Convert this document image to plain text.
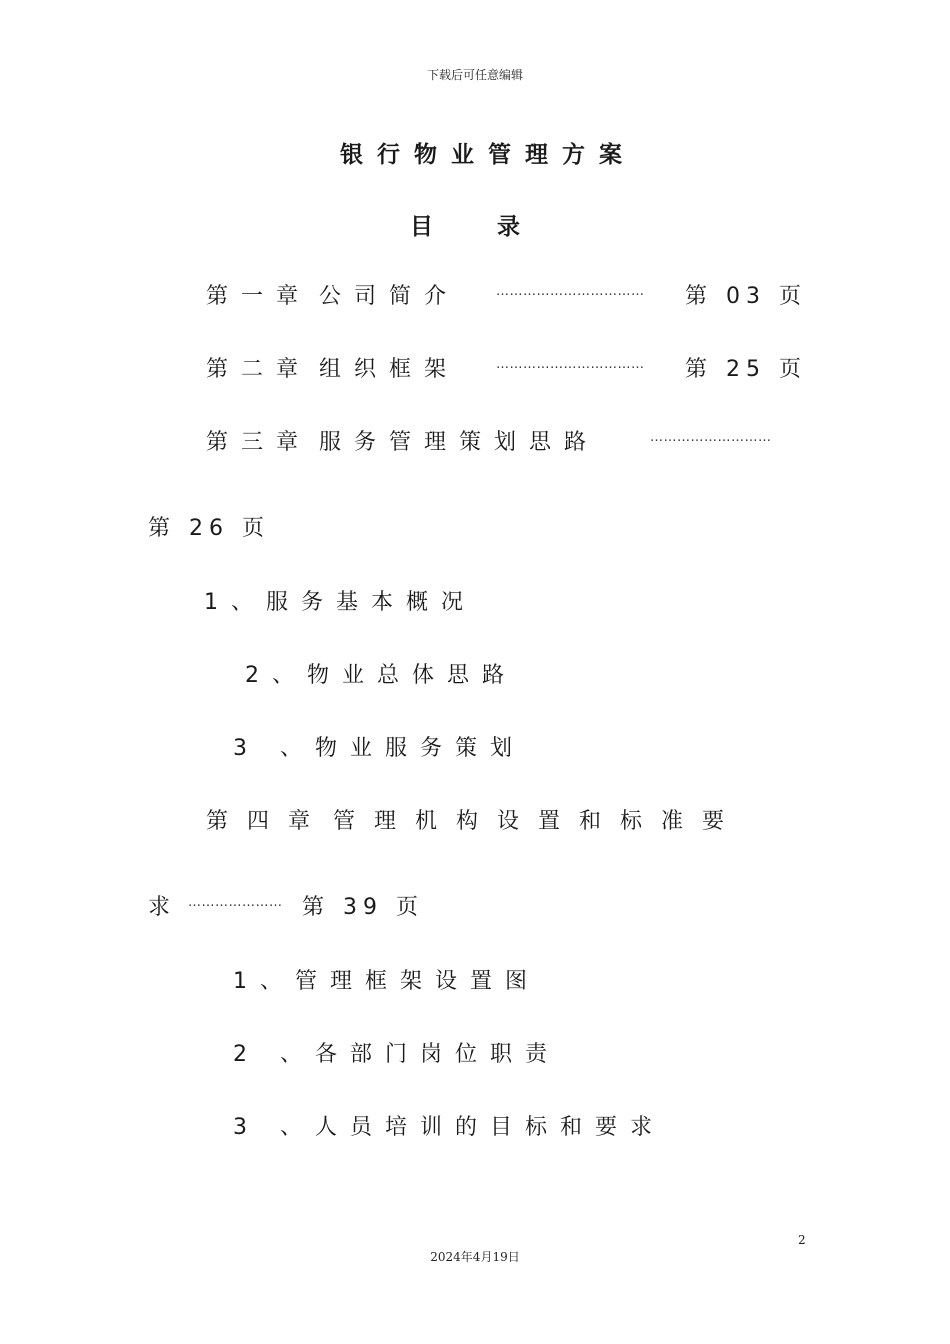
下载后可任意编辑
银行物业管理方案
目录
第一章 公司简介	…………………………… 第 03 页
第二章 组织框架	…………………………… 第 25 页
第三章 服务管理策划思路	………………………
第 26 页
1、服务基本概况
2、物业总体思路
3 、物业服务策划
第四章 管理机构设置和标准要
求 ………………… 第 39 页
1、管理框架设置图
2 、各部门岗位职责
3 、人员培训的目标和要求
2
2024年4月19日
